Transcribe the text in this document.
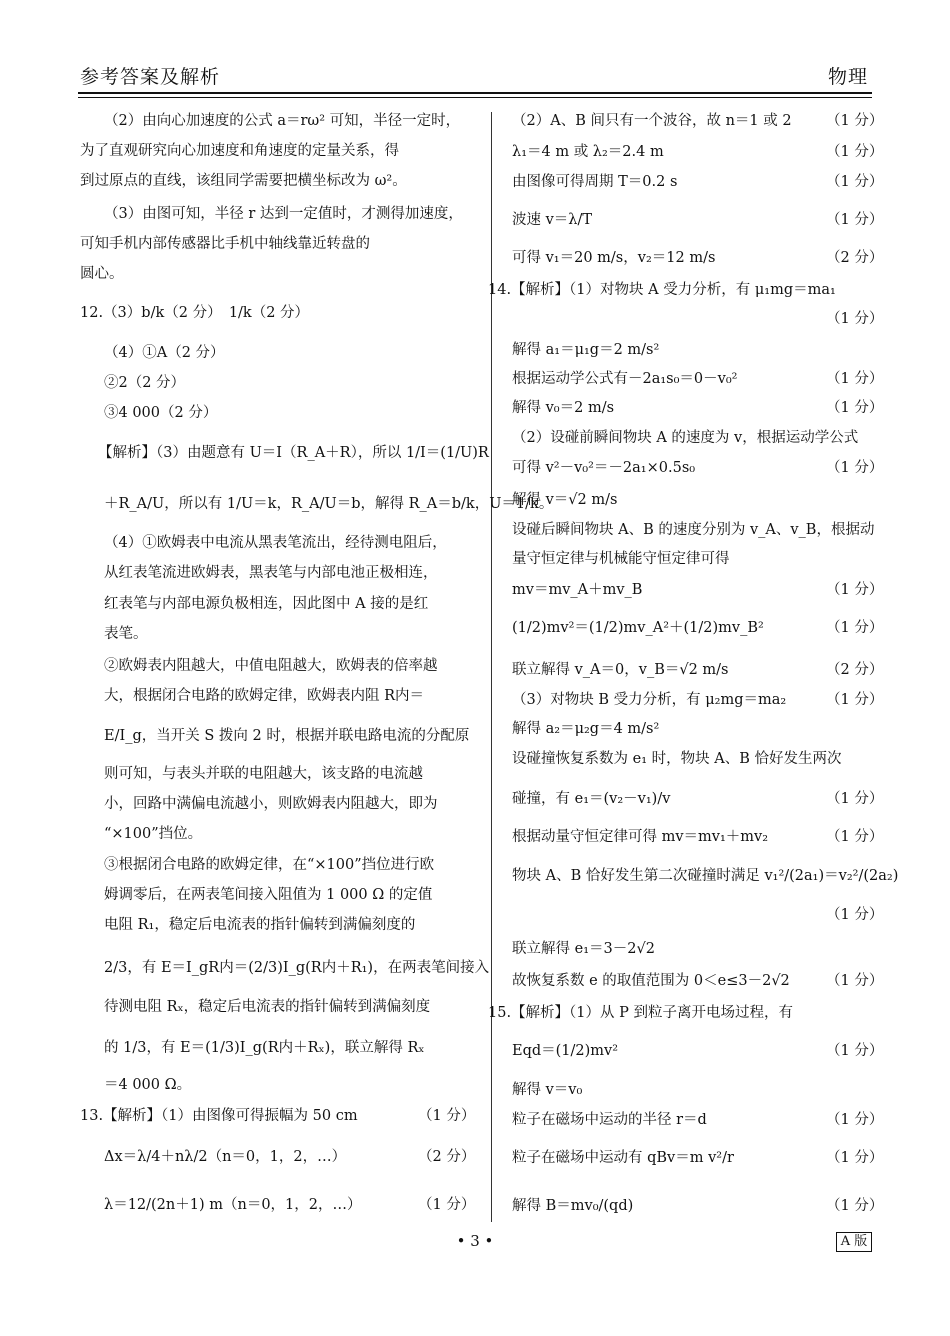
参考答案及解析	物理
（2）由向心加速度的公式 a＝rω² 可知，半径一定时，
为了直观研究向心加速度和角速度的定量关系，得
到过原点的直线，该组同学需要把横坐标改为 ω²。
（3）由图可知，半径 r 达到一定值时，才测得加速度，
可知手机内部传感器比手机中轴线靠近转盘的
圆心。
12.（3）b/k（2 分）　1/k（2 分）
（4）①A（2 分）
②2（2 分）
③4 000（2 分）
【解析】（3）由题意有 U＝I（R_A＋R），所以 1/I＝(1/U)R
＋R_A/U，所以有 1/U＝k，R_A/U＝b，解得 R_A＝b/k，U＝1/k。
（4）①欧姆表中电流从黑表笔流出，经待测电阻后，
从红表笔流进欧姆表，黑表笔与内部电池正极相连，
红表笔与内部电源负极相连，因此图中 A 接的是红
表笔。
②欧姆表内阻越大，中值电阻越大，欧姆表的倍率越
大，根据闭合电路的欧姆定律，欧姆表内阻 R内＝
E/I_g，当开关 S 拨向 2 时，根据并联电路电流的分配原
则可知，与表头并联的电阻越大，该支路的电流越
小，回路中满偏电流越小，则欧姆表内阻越大，即为
“×100”挡位。
③根据闭合电路的欧姆定律，在“×100”挡位进行欧
姆调零后，在两表笔间接入阻值为 1 000 Ω 的定值
电阻 R₁，稳定后电流表的指针偏转到满偏刻度的
2/3，有 E＝I_gR内＝(2/3)I_g(R内＋R₁)，在两表笔间接入
待测电阻 Rₓ，稳定后电流表的指针偏转到满偏刻度
的 1/3，有 E＝(1/3)I_g(R内＋Rₓ)，联立解得 Rₓ
＝4 000 Ω。
13.【解析】（1）由图像可得振幅为 50 cm
Δx＝λ/4＋nλ/2（n＝0，1，2，…）
λ＝12/(2n＋1) m（n＝0，1，2，…）
（1 分）
（2 分）
（1 分）
（2）A、B 间只有一个波谷，故 n＝1 或 2
λ₁＝4 m 或 λ₂＝2.4 m
由图像可得周期 T＝0.2 s
波速 v＝λ/T
可得 v₁＝20 m/s，v₂＝12 m/s
14.【解析】（1）对物块 A 受力分析，有 μ₁mg＝ma₁
解得 a₁＝μ₁g＝2 m/s²
根据运动学公式有－2a₁s₀＝0－v₀²
解得 v₀＝2 m/s
（2）设碰前瞬间物块 A 的速度为 v，根据运动学公式
可得 v²－v₀²＝－2a₁×0.5s₀
解得 v＝√2 m/s
设碰后瞬间物块 A、B 的速度分别为 v_A、v_B，根据动
量守恒定律与机械能守恒定律可得
mv＝mv_A＋mv_B
(1/2)mv²＝(1/2)mv_A²＋(1/2)mv_B²
联立解得 v_A＝0，v_B＝√2 m/s
（3）对物块 B 受力分析，有 μ₂mg＝ma₂
解得 a₂＝μ₂g＝4 m/s²
设碰撞恢复系数为 e₁ 时，物块 A、B 恰好发生两次
碰撞，有 e₁＝(v₂－v₁)/v
根据动量守恒定律可得 mv＝mv₁＋mv₂
物块 A、B 恰好发生第二次碰撞时满足 v₁²/(2a₁)＝v₂²/(2a₂)
联立解得 e₁＝3－2√2
故恢复系数 e 的取值范围为 0＜e≤3－2√2
15.【解析】（1）从 P 到粒子离开电场过程，有
Eqd＝(1/2)mv²
解得 v＝v₀
粒子在磁场中运动的半径 r＝d
粒子在磁场中运动有 qBv＝m v²/r
解得 B＝mv₀/(qd)
（1 分）
（1 分）
（1 分）
（1 分）
（2 分）
（1 分）
（1 分）
（1 分）
（1 分）
（1 分）
（1 分）
（2 分）
（1 分）
（1 分）
（1 分）
（1 分）
（1 分）
（1 分）
（1 分）
（1 分）
（1 分）
• 3 •	A 版
